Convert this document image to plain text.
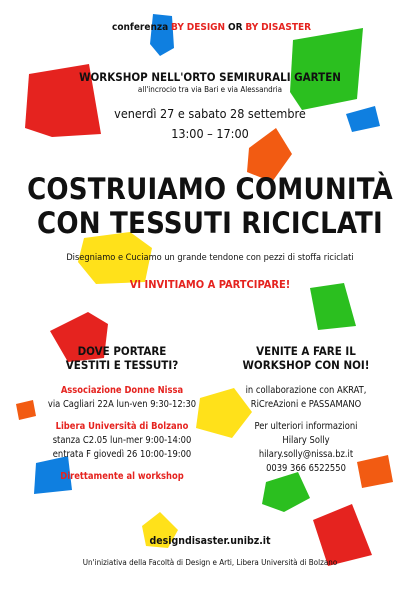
conferenza BY DESIGN OR BY DISASTER
WORKSHOP NELL'ORTO SEMIRURALI GARTEN
all'incrocio tra via Bari e via Alessandria
venerdì 27 e sabato 28 settembre
13:00 – 17:00
COSTRUIAMO COMUNITÀ
CON TESSUTI RICICLATI
Disegniamo e Cuciamo un grande tendone con pezzi di stoffa riciclati
VI INVITIAMO A PARTCIPARE!
DOVE PORTARE
VESTITI E TESSUTI?
Associazione Donne Nissa
via Cagliari 22A lun-ven 9:30-12:30
Libera Università di Bolzano
stanza C2.05 lun-mer 9:00-14:00
entrata F giovedì 26 10:00-19:00
Direttamente al workshop
VENITE A FARE IL
WORKSHOP CON NOI!
in collaborazione con AKRAT,
RiCreAzioni e PASSAMANO
Per ulteriori informazioni
Hilary Solly
hilary.solly@nissa.bz.it
0039 366 6522550
designdisaster.unibz.it
Un'iniziativa della Facoltà di Design e Arti, Libera Università di Bolzano
